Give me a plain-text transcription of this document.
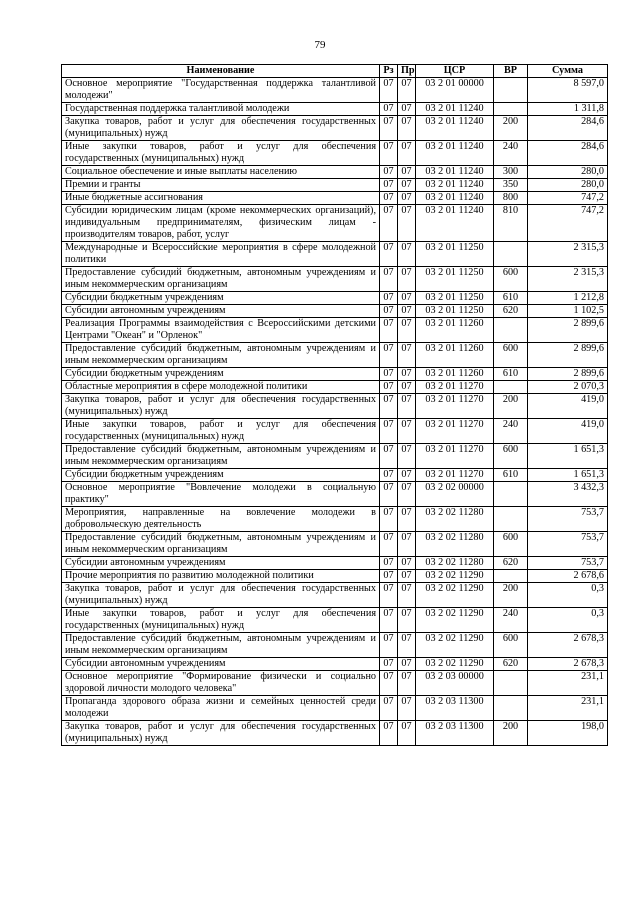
79
Наименование	Рз	Пр	ЦСР	ВР	Сумма
Основное мероприятие "Государственная поддержка талантливой молодежи"	07	07	03 2 01 00000		8 597,0
Государственная поддержка талантливой молодежи	07	07	03 2 01 11240		1 311,8
Закупка товаров, работ и услуг для обеспечения государственных (муниципальных) нужд	07	07	03 2 01 11240	200	284,6
Иные закупки товаров, работ и услуг для обеспечения государственных (муниципальных) нужд	07	07	03 2 01 11240	240	284,6
Социальное обеспечение и иные выплаты населению	07	07	03 2 01 11240	300	280,0
Премии и гранты	07	07	03 2 01 11240	350	280,0
Иные бюджетные ассигнования	07	07	03 2 01 11240	800	747,2
Субсидии юридическим лицам (кроме некоммерческих организаций), индивидуальным предпринимателям, физическим лицам - производителям товаров, работ, услуг	07	07	03 2 01 11240	810	747,2
Международные и Всероссийские мероприятия в сфере молодежной политики	07	07	03 2 01 11250		2 315,3
Предоставление субсидий бюджетным, автономным учреждениям и иным некоммерческим организациям	07	07	03 2 01 11250	600	2 315,3
Субсидии бюджетным учреждениям	07	07	03 2 01 11250	610	1 212,8
Субсидии автономным учреждениям	07	07	03 2 01 11250	620	1 102,5
Реализация Программы взаимодействия с Всероссийскими детскими Центрами "Океан" и "Орленок"	07	07	03 2 01 11260		2 899,6
Предоставление субсидий бюджетным, автономным учреждениям и иным некоммерческим организациям	07	07	03 2 01 11260	600	2 899,6
Субсидии бюджетным учреждениям	07	07	03 2 01 11260	610	2 899,6
Областные мероприятия в сфере молодежной политики	07	07	03 2 01 11270		2 070,3
Закупка товаров, работ и услуг для обеспечения государственных (муниципальных) нужд	07	07	03 2 01 11270	200	419,0
Иные закупки товаров, работ и услуг для обеспечения государственных (муниципальных) нужд	07	07	03 2 01 11270	240	419,0
Предоставление субсидий бюджетным, автономным учреждениям и иным некоммерческим организациям	07	07	03 2 01 11270	600	1 651,3
Субсидии бюджетным учреждениям	07	07	03 2 01 11270	610	1 651,3
Основное мероприятие "Вовлечение молодежи в социальную практику"	07	07	03 2 02 00000		3 432,3
Мероприятия, направленные на вовлечение молодежи в добровольческую деятельность	07	07	03 2 02 11280		753,7
Предоставление субсидий бюджетным, автономным учреждениям и иным некоммерческим организациям	07	07	03 2 02 11280	600	753,7
Субсидии автономным учреждениям	07	07	03 2 02 11280	620	753,7
Прочие мероприятия по развитию молодежной политики	07	07	03 2 02 11290		2 678,6
Закупка товаров, работ и услуг для обеспечения государственных (муниципальных) нужд	07	07	03 2 02 11290	200	0,3
Иные закупки товаров, работ и услуг для обеспечения государственных (муниципальных) нужд	07	07	03 2 02 11290	240	0,3
Предоставление субсидий бюджетным, автономным учреждениям и иным некоммерческим организациям	07	07	03 2 02 11290	600	2 678,3
Субсидии автономным учреждениям	07	07	03 2 02 11290	620	2 678,3
Основное мероприятие "Формирование физически и социально здоровой личности молодого человека"	07	07	03 2 03 00000		231,1
Пропаганда здорового образа жизни и семейных ценностей среди молодежи	07	07	03 2 03 11300		231,1
Закупка товаров, работ и услуг для обеспечения государственных (муниципальных) нужд	07	07	03 2 03 11300	200	198,0
